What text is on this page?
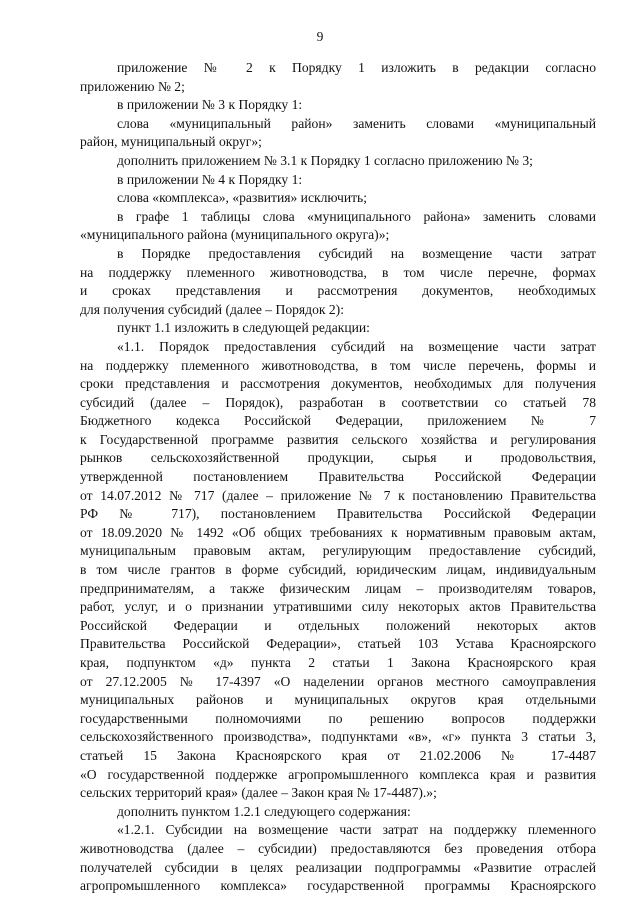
9
приложение № 2 к Порядку 1 изложить в редакции согласно
приложению № 2;
в приложении № 3 к Порядку 1:
слова «муниципальный район» заменить словами «муниципальный
район, муниципальный округ»;
дополнить приложением № 3.1 к Порядку 1 согласно приложению № 3;
в приложении № 4 к Порядку 1:
слова «комплекса», «развития» исключить;
в графе 1 таблицы слова «муниципального района» заменить словами
«муниципального района (муниципального округа)»;
в Порядке предоставления субсидий на возмещение части затрат
на поддержку племенного животноводства, в том числе перечне, формах
и сроках представления и рассмотрения документов, необходимых
для получения субсидий (далее – Порядок 2):
пункт 1.1 изложить в следующей редакции:
«1.1. Порядок предоставления субсидий на возмещение части затрат
на поддержку племенного животноводства, в том числе перечень, формы и
сроки представления и рассмотрения документов, необходимых для получения
субсидий (далее – Порядок), разработан в соответствии со статьей 78
Бюджетного кодекса Российской Федерации, приложением № 7
к Государственной программе развития сельского хозяйства и регулирования
рынков сельскохозяйственной продукции, сырья и продовольствия,
утвержденной постановлением Правительства Российской Федерации
от 14.07.2012 № 717 (далее – приложение № 7 к постановлению Правительства
РФ № 717), постановлением Правительства Российской Федерации
от 18.09.2020 № 1492 «Об общих требованиях к нормативным правовым актам,
муниципальным правовым актам, регулирующим предоставление субсидий,
в том числе грантов в форме субсидий, юридическим лицам, индивидуальным
предпринимателям, а также физическим лицам – производителям товаров,
работ, услуг, и о признании утратившими силу некоторых актов Правительства
Российской Федерации и отдельных положений некоторых актов
Правительства Российской Федерации», статьей 103 Устава Красноярского
края, подпунктом «д» пункта 2 статьи 1 Закона Красноярского края
от 27.12.2005 № 17-4397 «О наделении органов местного самоуправления
муниципальных районов и муниципальных округов края отдельными
государственными полномочиями по решению вопросов поддержки
сельскохозяйственного производства», подпунктами «в», «г» пункта 3 статьи 3,
статьей 15 Закона Красноярского края от 21.02.2006 № 17-4487
«О государственной поддержке агропромышленного комплекса края и развития
сельских территорий края» (далее – Закон края № 17-4487).»;
дополнить пунктом 1.2.1 следующего содержания:
«1.2.1. Субсидии на возмещение части затрат на поддержку племенного
животноводства (далее – субсидии) предоставляются без проведения отбора
получателей субсидии в целях реализации подпрограммы «Развитие отраслей
агропромышленного комплекса» государственной программы Красноярского
